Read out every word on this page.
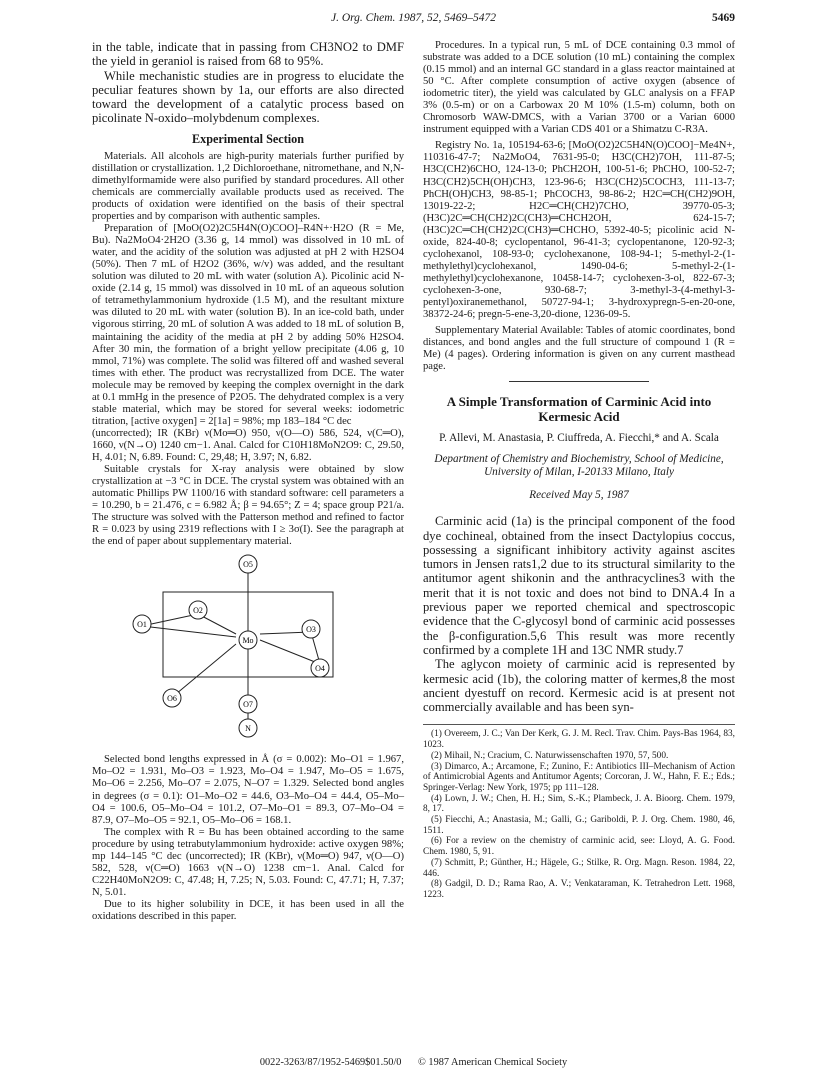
J. Org. Chem. 1987, 52, 5469–5472	5469

in the table, indicate that in passing from CH3NO2 to DMF the yield in geraniol is raised from 68 to 95%.

While mechanistic studies are in progress to elucidate the peculiar features shown by 1a, our efforts are also directed toward the development of a catalytic process based on picolinate N-oxido–molybdenum complexes.

Experimental Section

Materials. All alcohols are high-purity materials further purified by distillation or crystallization. 1,2 Dichloroethane, nitromethane, and N,N-dimethylformamide were also purified by standard procedures. All other chemicals are commercially available products used as received. The products of oxidation were identified on the basis of their spectral properties and by comparison with authentic samples.

Preparation of [MoO(O2)2C5H4N(O)COO]–R4N+·H2O (R = Me, Bu). Na2MoO4·2H2O (3.36 g, 14 mmol) was dissolved in 10 mL of water, and the acidity of the solution was adjusted at pH 2 with H2SO4 (50%). Then 7 mL of H2O2 (36%, w/v) was added, and the resultant solution was diluted to 20 mL with water (solution A). Picolinic acid N-oxide (2.14 g, 15 mmol) was dissolved in 10 mL of an aqueous solution of tetramethylammonium hydroxide (1.5 M), and the resultant mixture was diluted to 20 mL with water (solution B). In an ice-cold bath, under vigorous stirring, 20 mL of solution A was added to 18 mL of solution B, maintaining the acidity of the media at pH 2 by adding 50% H2SO4. After 30 min, the formation of a bright yellow precipitate (4.06 g, 10 mmol, 71%) was complete. The solid was filtered off and washed several times with ether. The product was recrystallized from DCE. The water molecule may be removed by keeping the complex overnight in the dark at 0.1 mmHg in the presence of P2O5. The dehydrated complex is a very stable material, which may be stored for several weeks: iodometric titration, [active oxygen] = 2[1a] = 98%; mp 183–184 °C dec

(uncorrected); IR (KBr) ν(Mo═O) 950, ν(O—O) 586, 524, ν(C═O), 1660, ν(N→O) 1240 cm−1. Anal. Calcd for C10H18MoN2O9: C, 29.50, H, 4.01; N, 6.89. Found: C, 29,48; H, 3.97; N, 6.82.

Suitable crystals for X-ray analysis were obtained by slow crystallization at −3 °C in DCE. The crystal system was obtained with an automatic Phillips PW 1100/16 with standard software: cell parameters a = 10.290, b = 21.476, c = 6.982 Å; β = 94.65°; Z = 4; space group P21/a. The structure was solved with the Patterson method and refined to factor R = 0.023 by using 2319 reflections with I ≥ 3σ(I). See the paragraph at the end of paper about supplementary material.

O5
O2
O1
Mo
O3
O4
O6
O7
N

Selected bond lengths expressed in Å (σ = 0.002): Mo–O1 = 1.967, Mo–O2 = 1.931, Mo–O3 = 1.923, Mo–O4 = 1.947, Mo–O5 = 1.675, Mo–O6 = 2.256, Mo–O7 = 2.075, N–O7 = 1.329. Selected bond angles in degrees (σ = 0.1): O1–Mo–O2 = 44.6, O3–Mo–O4 = 44.4, O5–Mo–O4 = 100.6, O5–Mo–O4 = 101.2, O7–Mo–O1 = 89.3, O7–Mo–O4 = 87.9, O7–Mo–O5 = 92.1, O5–Mo–O6 = 168.1.

The complex with R = Bu has been obtained according to the same procedure by using tetrabutylammonium hydroxide: active oxygen 98%; mp 144–145 °C dec (uncorrected); IR (KBr), ν(Mo═O) 947, ν(O—O) 582, 528, ν(C═O) 1663 ν(N→O) 1238 cm−1. Anal. Calcd for C22H40MoN2O9: C, 47.48; H, 7.25; N, 5.03. Found: C, 47.71; H, 7.37; N, 5.01.

Due to its higher solubility in DCE, it has been used in all the oxidations described in this paper.

Procedures. In a typical run, 5 mL of DCE containing 0.3 mmol of substrate was added to a DCE solution (10 mL) containing the complex (0.15 mmol) and an internal GC standard in a glass reactor maintained at 50 °C. After complete consumption of active oxygen (absence of iodometric titer), the yield was calculated by GLC analysis on a FFAP 3% (0.5-m) or on a Carbowax 20 M 10% (1.5-m) column, both on Chromosorb WAW-DMCS, with a Varian 3700 or a Varian 6000 instrument equipped with a Varian CDS 401 or a Shimatzu C-R3A.

Registry No. 1a, 105194-63-6; [MoO(O2)2C5H4N(O)COO]−Me4N+, 110316-47-7; Na2MoO4, 7631-95-0; H3C(CH2)7OH, 111-87-5; H3C(CH2)6CHO, 124-13-0; PhCH2OH, 100-51-6; PhCHO, 100-52-7; H3C(CH2)5CH(OH)CH3, 123-96-6; H3C(CH2)5COCH3, 111-13-7; PhCH(OH)CH3, 98-85-1; PhCOCH3, 98-86-2; H2C═CH(CH2)9OH, 13019-22-2; H2C═CH(CH2)7CHO, 39770-05-3; (H3C)2C═CH(CH2)2C(CH3)═CHCH2OH, 624-15-7; (H3C)2C═CH(CH2)2C(CH3)═CHCHO, 5392-40-5; picolinic acid N-oxide, 824-40-8; cyclopentanol, 96-41-3; cyclopentanone, 120-92-3; cyclohexanol, 108-93-0; cyclohexanone, 108-94-1; 5-methyl-2-(1-methylethyl)cyclohexanol, 1490-04-6; 5-methyl-2-(1-methylethyl)cyclohexanone, 10458-14-7; cyclohexen-3-ol, 822-67-3; cyclohexen-3-one, 930-68-7; 3-methyl-3-(4-methyl-3-pentyl)oxiranemethanol, 50727-94-1; 3-hydroxypregn-5-en-20-one, 38372-24-6; pregn-5-ene-3,20-dione, 1236-09-5.

Supplementary Material Available: Tables of atomic coordinates, bond distances, and bond angles and the full structure of compound 1 (R = Me) (4 pages). Ordering information is given on any current masthead page.

A Simple Transformation of Carminic Acid into Kermesic Acid
P. Allevi, M. Anastasia, P. Ciuffreda, A. Fiecchi,* and A. Scala
Department of Chemistry and Biochemistry, School of Medicine, University of Milan, I-20133 Milano, Italy
Received May 5, 1987

Carminic acid (1a) is the principal component of the food dye cochineal, obtained from the insect Dactylopius coccus, possessing a significant inhibitory activity against ascites tumors in Jensen rats1,2 due to its structural similarity to the antitumor agent shikonin and the anthracyclines3 with the merit that it is not toxic and does not bind to DNA.4 In a previous paper we reported chemical and spectroscopic evidence that the C-glycosyl bond of carminic acid possesses the β-configuration.5,6 This result was more recently confirmed by a complete 1H and 13C NMR study.7

The aglycon moiety of carminic acid is represented by kermesic acid (1b), the coloring matter of kermes,8 the most ancient dyestuff on record. Kermesic acid is at present not commercially available and has been syn-

(1) Overeem, J. C.; Van Der Kerk, G. J. M. Recl. Trav. Chim. Pays-Bas 1964, 83, 1023.

(2) Mihail, N.; Cracium, C. Naturwissenschaften 1970, 57, 500.

(3) Dimarco, A.; Arcamone, F.; Zunino, F.: Antibiotics III–Mechanism of Action of Antimicrobial Agents and Antitumor Agents; Corcoran, J. W., Hahn, F. E.; Eds.; Springer-Verlag: New York, 1975; pp 111–128.

(4) Lown, J. W.; Chen, H. H.; Sim, S.-K.; Plambeck, J. A. Bioorg. Chem. 1979, 8, 17.

(5) Fiecchi, A.; Anastasia, M.; Galli, G.; Gariboldi, P. J. Org. Chem. 1980, 46, 1511.

(6) For a review on the chemistry of carminic acid, see: Lloyd, A. G. Food. Chem. 1980, 5, 91.

(7) Schmitt, P.; Günther, H.; Hägele, G.; Stilke, R. Org. Magn. Reson. 1984, 22, 446.

(8) Gadgil, D. D.; Rama Rao, A. V.; Venkataraman, K. Tetrahedron Lett. 1968, 1223.

0022-3263/87/1952-5469$01.50/0 © 1987 American Chemical Society
